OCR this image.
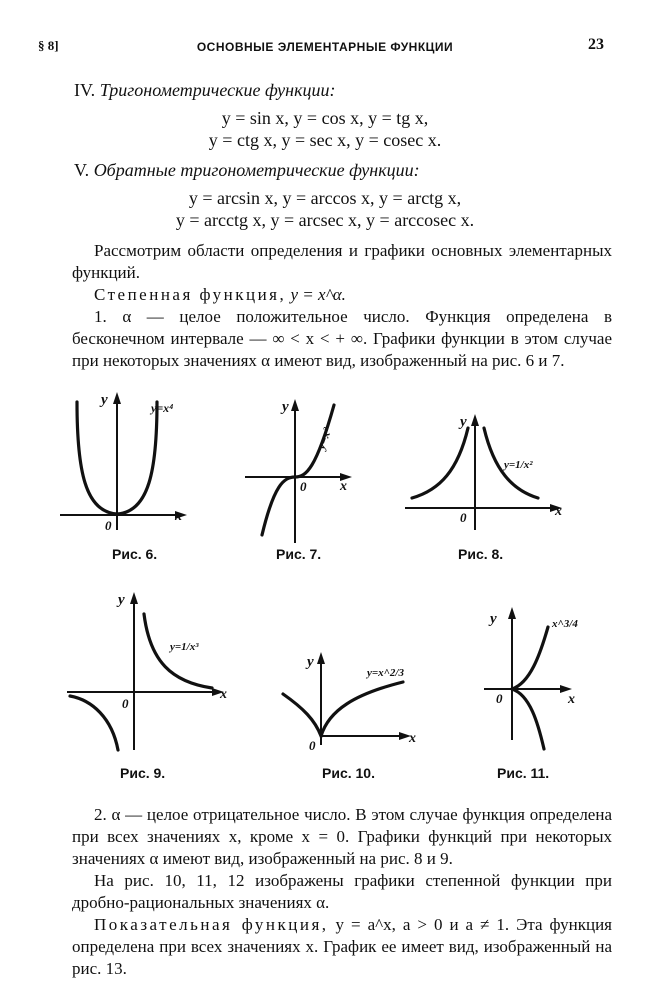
§ 8]	ОСНОВНЫЕ ЭЛЕМЕНТАРНЫЕ ФУНКЦИИ	23
IV. Тригонометрические функции:
y = sin x, y = cos x, y = tg x,
y = ctg x, y = sec x, y = cosec x.
V. Обратные тригонометрические функции:
y = arcsin x, y = arccos x, y = arctg x,
y = arcctg x, y = arcsec x, y = arccosec x.

Рассмотрим области определения и графики основных элементарных функций.

Степенная функция, y = x^α.

1. α — целое положительное число. Функция определена в бесконечном интервале — ∞ < x < + ∞. Графики функции в этом случае при некоторых значениях α имеют вид, изображенный на рис. 6 и 7.

y	y=x⁴
x
0
Рис. 6.
y
y=x³
x
0
Рис. 7.
y
y=1/x²
x
0
Рис. 8.
y
y=1/x³
x
0
Рис. 9.
y
y=x^2/3
x
0
Рис. 10.
y	x^3/4
x
0
Рис. 11.

2. α — целое отрицательное число. В этом случае функция определена при всех значениях x, кроме x = 0. Графики функций при некоторых значениях α имеют вид, изображенный на рис. 8 и 9.

На рис. 10, 11, 12 изображены графики степенной функции при дробно-рациональных значениях α.

Показательная функция, y = a^x, a > 0 и a ≠ 1. Эта функция определена при всех значениях x. График ее имеет вид, изображенный на рис. 13.
